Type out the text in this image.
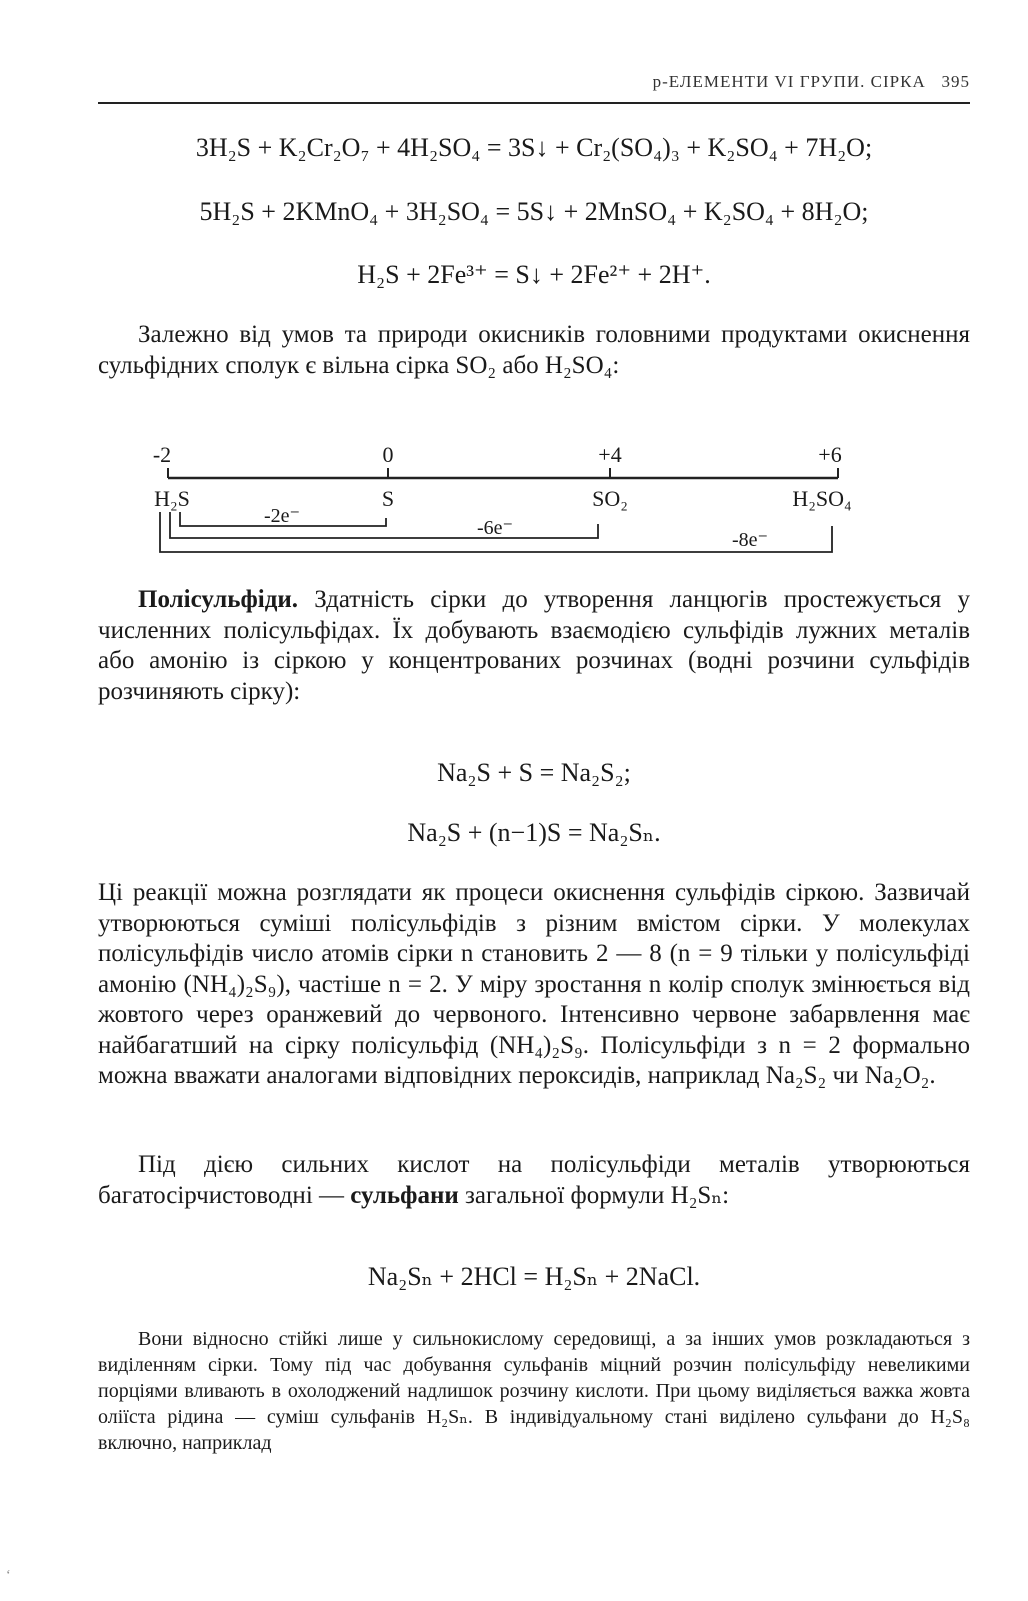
p-ЕЛЕМЕНТИ VI ГРУПИ. СІРКА 395
3H₂S + K₂Cr₂O₇ + 4H₂SO₄ = 3S↓ + Cr₂(SO₄)₃ + K₂SO₄ + 7H₂O;
5H₂S + 2KMnO₄ + 3H₂SO₄ = 5S↓ + 2MnSO₄ + K₂SO₄ + 8H₂O;
H₂S + 2Fe³⁺ = S↓ + 2Fe²⁺ + 2H⁺.
Залежно від умов та природи окисників головними продуктами окиснення сульфідних сполук є вільна сірка SO₂ або H₂SO₄:
-2	0	+4	+6
H₂S	S	SO₂	H₂SO₄
-2e⁻
-6e⁻
-8e⁻
Полісульфіди. Здатність сірки до утворення ланцюгів простежується у численних полісульфідах. Їх добувають взаємодією сульфідів лужних металів або амонію із сіркою у концентрованих розчинах (водні розчини сульфідів розчиняють сірку):
Na₂S + S = Na₂S₂;
Na₂S + (n−1)S = Na₂Sₙ.
Ці реакції можна розглядати як процеси окиснення сульфідів сіркою. Зазвичай утворюються суміші полісульфідів з різним вмістом сірки. У молекулах полісульфідів число атомів сірки n становить 2 — 8 (n = 9 тільки у полісульфіді амонію (NH₄)₂S₉), частіше n = 2. У міру зростання n колір сполук змінюється від жовтого через оранжевий до червоного. Інтенсивно червоне забарвлення має найбагатший на сірку полісульфід (NH₄)₂S₉. Полісульфіди з n = 2 формально можна вважати аналогами відповідних пероксидів, наприклад Na₂S₂ чи Na₂O₂.
Під дією сильних кислот на полісульфіди металів утворюються багатосірчистоводні — сульфани загальної формули H₂Sₙ:
Na₂Sₙ + 2HCl = H₂Sₙ + 2NaCl.
Вони відносно стійкі лише у сильнокислому середовищі, а за інших умов розкладаються з виділенням сірки. Тому під час добування сульфанів міцний розчин полісульфіду невеликими порціями вливають в охолоджений надлишок розчину кислоти. При цьому виділяється важка жовта оліїста рідина — суміш сульфанів H₂Sₙ. В індивідуальному стані виділено сульфани до H₂S₈ включно, наприклад
ʻ
